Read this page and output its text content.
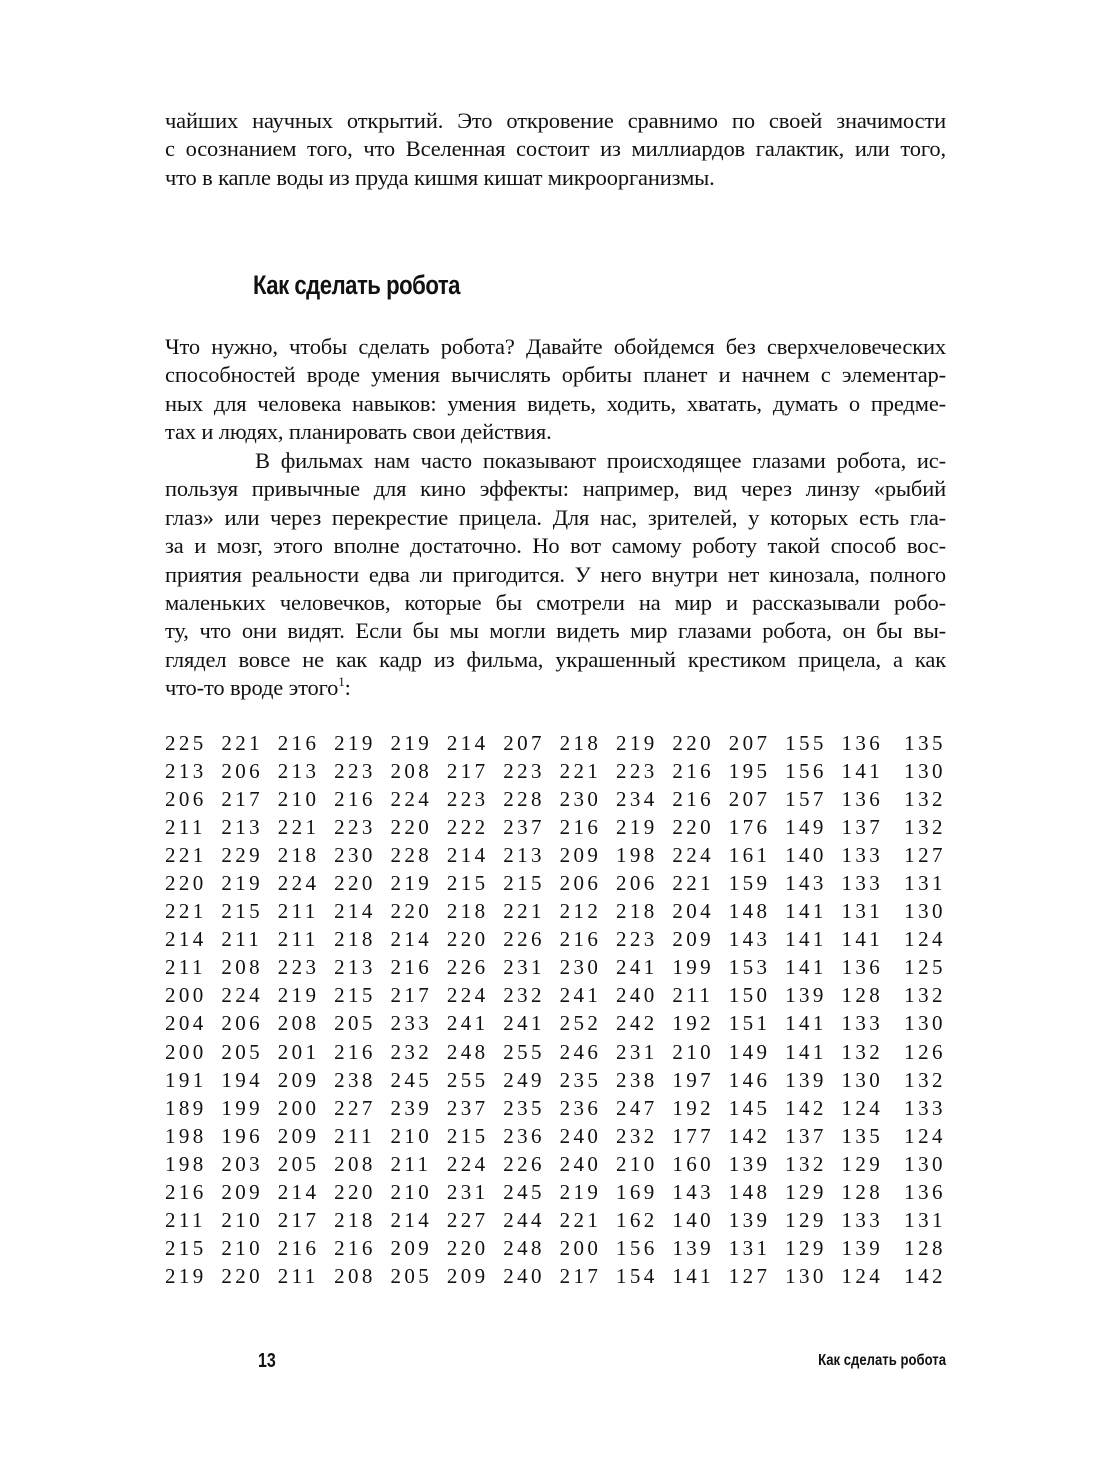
чайших научных открытий. Это откровение сравнимо по своей значимости
с осознанием того, что Вселенная состоит из миллиардов галактик, или того,
что в капле воды из пруда кишмя кишат микроорганизмы.
Как сделать робота
Что нужно, чтобы сделать робота? Давайте обойдемся без сверхчеловеческих
способностей вроде умения вычислять орбиты планет и начнем с элементар-
ных для человека навыков: умения видеть, ходить, хватать, думать о предме-
тах и людях, планировать свои действия.
В фильмах нам часто показывают происходящее глазами робота, ис-
пользуя привычные для кино эффекты: например, вид через линзу «рыбий
глаз» или через перекрестие прицела. Для нас, зрителей, у которых есть гла-
за и мозг, этого вполне достаточно. Но вот самому роботу такой способ вос-
приятия реальности едва ли пригодится. У него внутри нет кинозала, полного
маленьких человечков, которые бы смотрели на мир и рассказывали робо-
ту, что они видят. Если бы мы могли видеть мир глазами робота, он бы вы-
глядел вовсе не как кадр из фильма, украшенный крестиком прицела, а как
что-то вроде этого$^1$:
225 221 216 219 219 214 207 218 219 220 207 155 136 135
213 206 213 223 208 217 223 221 223 216 195 156 141 130
206 217 210 216 224 223 228 230 234 216 207 157 136 132
211 213 221 223 220 222 237 216 219 220 176 149 137 132
221 229 218 230 228 214 213 209 198 224 161 140 133 127
220 219 224 220 219 215 215 206 206 221 159 143 133 131
221 215 211 214 220 218 221 212 218 204 148 141 131 130
214 211 211 218 214 220 226 216 223 209 143 141 141 124
211 208 223 213 216 226 231 230 241 199 153 141 136 125
200 224 219 215 217 224 232 241 240 211 150 139 128 132
204 206 208 205 233 241 241 252 242 192 151 141 133 130
200 205 201 216 232 248 255 246 231 210 149 141 132 126
191 194 209 238 245 255 249 235 238 197 146 139 130 132
189 199 200 227 239 237 235 236 247 192 145 142 124 133
198 196 209 211 210 215 236 240 232 177 142 137 135 124
198 203 205 208 211 224 226 240 210 160 139 132 129 130
216 209 214 220 210 231 245 219 169 143 148 129 128 136
211 210 217 218 214 227 244 221 162 140 139 129 133 131
215 210 216 216 209 220 248 200 156 139 131 129 139 128
219 220 211 208 205 209 240 217 154 141 127 130 124 142
13	Как сделать робота
